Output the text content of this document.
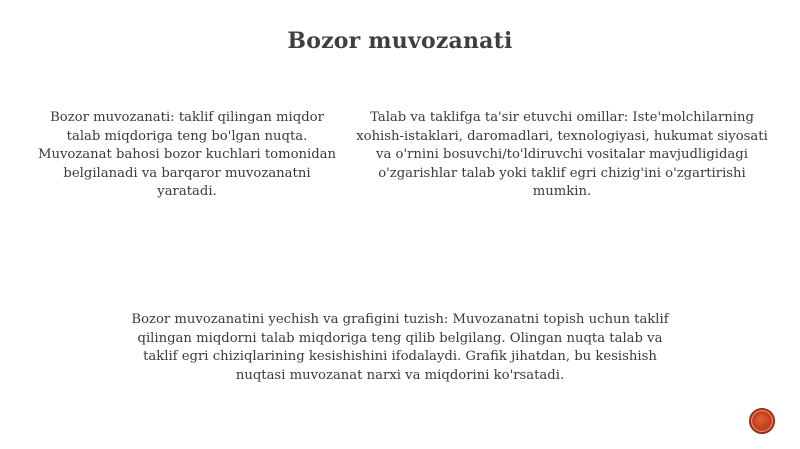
Bozor muvozanati
Bozor muvozanati: taklif qilingan miqdor talab miqdoriga teng bo'lgan nuqta. Muvozanat bahosi bozor kuchlari tomonidan belgilanadi va barqaror muvozanatni yaratadi.
Talab va taklifga ta'sir etuvchi omillar: Iste'molchilarning xohish-istaklari, daromadlari, texnologiyasi, hukumat siyosati va o'rnini bosuvchi/to'ldiruvchi vositalar mavjudligidagi o'zgarishlar talab yoki taklif egri chizig'ini o'zgartirishi mumkin.
Bozor muvozanatini yechish va grafigini tuzish: Muvozanatni topish uchun taklif qilingan miqdorni talab miqdoriga teng qilib belgilang. Olingan nuqta talab va taklif egri chiziqlarining kesishishini ifodalaydi. Grafik jihatdan, bu kesishish nuqtasi muvozanat narxi va miqdorini ko'rsatadi.
